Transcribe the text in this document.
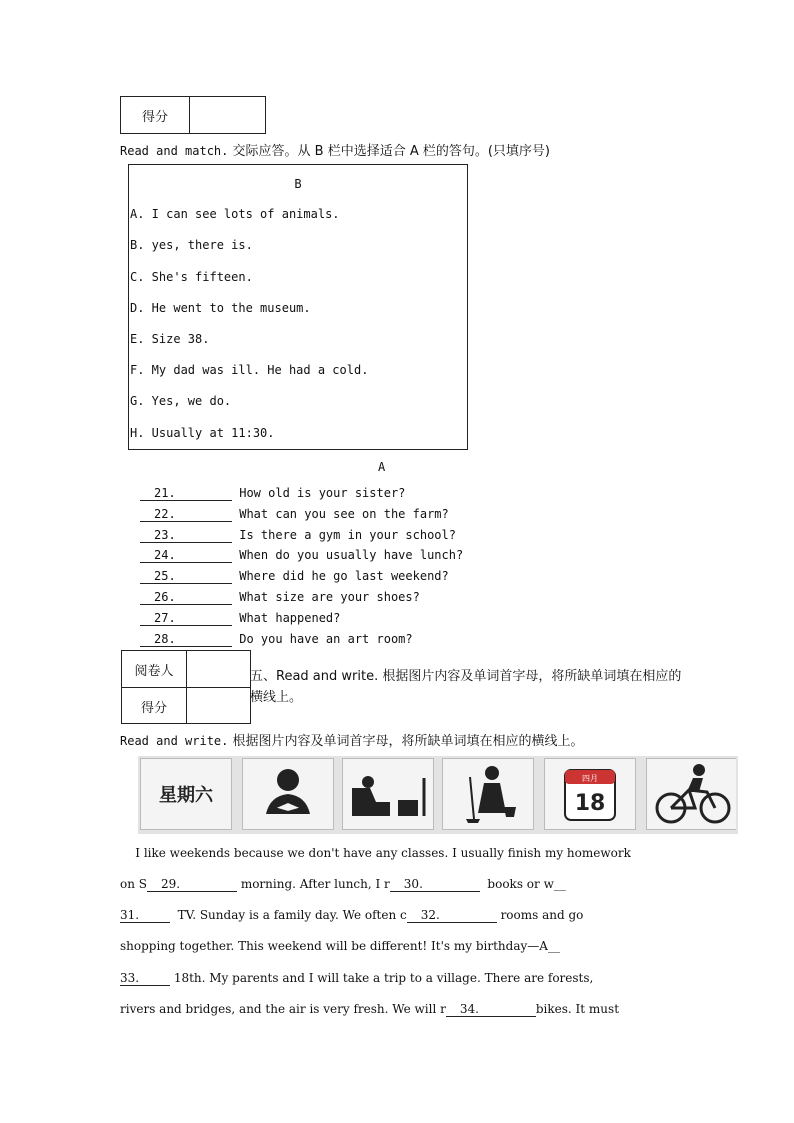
得分
Read and match. 交际应答。从 B 栏中选择适合 A 栏的答句。(只填序号)
B
A. I can see lots of animals.
B. yes, there is.
C. She's fifteen.
D. He went to the museum.
E. Size 38.
F. My dad was ill. He had a cold.
G. Yes, we do.
H. Usually at 11:30.
A
21.	How old is your sister?
22.	What can you see on the farm?
23.	Is there a gym in your school?
24.	When do you usually have lunch?
25.	Where did he go last weekend?
26.	What size are your shoes?
27.	What happened?
28.	Do you have an art room?
阅卷人
得分
五、Read and write. 根据图片内容及单词首字母，将所缺单词填在相应的横线上。
Read and write. 根据图片内容及单词首字母，将所缺单词填在相应的横线上。
星期六
四月
18
I like weekends because we don't have any classes. I usually finish my homework
on S 29.	morning. After lunch, I r 30.	books or w__
31.	TV. Sunday is a family day. We often c 32.	rooms and go
shopping together. This weekend will be different! It's my birthday—A__
33.	18th. My parents and I will take a trip to a village. There are forests,
rivers and bridges, and the air is very fresh. We will r 34.	bikes. It must
